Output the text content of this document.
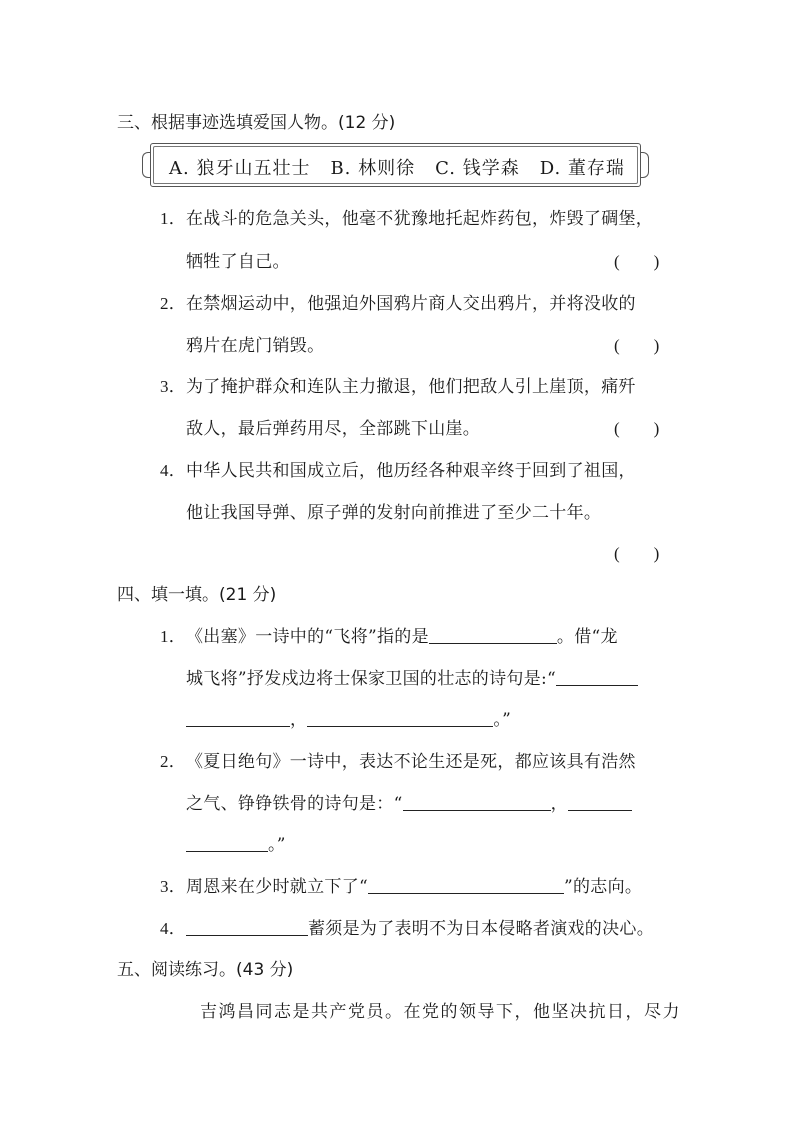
三、根据事迹选填爱国人物。(12 分)
A. 狼牙山五壮士 B. 林则徐 C. 钱学森 D. 董存瑞
1．在战斗的危急关头，他毫不犹豫地托起炸药包，炸毁了碉堡，
牺牲了自己。	(　　)
2．在禁烟运动中，他强迫外国鸦片商人交出鸦片，并将没收的
鸦片在虎门销毁。	(　　)
3．为了掩护群众和连队主力撤退，他们把敌人引上崖顶，痛歼
敌人，最后弹药用尽，全部跳下山崖。	(　　)
4．中华人民共和国成立后，他历经各种艰辛终于回到了祖国，
他让我国导弹、原子弹的发射向前推进了至少二十年。
(　　)
四、填一填。(21 分)
1．《出塞》一诗中的“飞将”指的是	。借“龙
城飞将”抒发戍边将士保家卫国的壮志的诗句是:“
，	。”
2．《夏日绝句》一诗中，表达不论生还是死，都应该具有浩然
之气、铮铮铁骨的诗句是：“	，
。”
3．周恩来在少时就立下了“	”的志向。
4．	蓄须是为了表明不为日本侵略者演戏的决心。
五、阅读练习。(43 分)
吉鸿昌同志是共产党员。在党的领导下，他坚决抗日，尽力
